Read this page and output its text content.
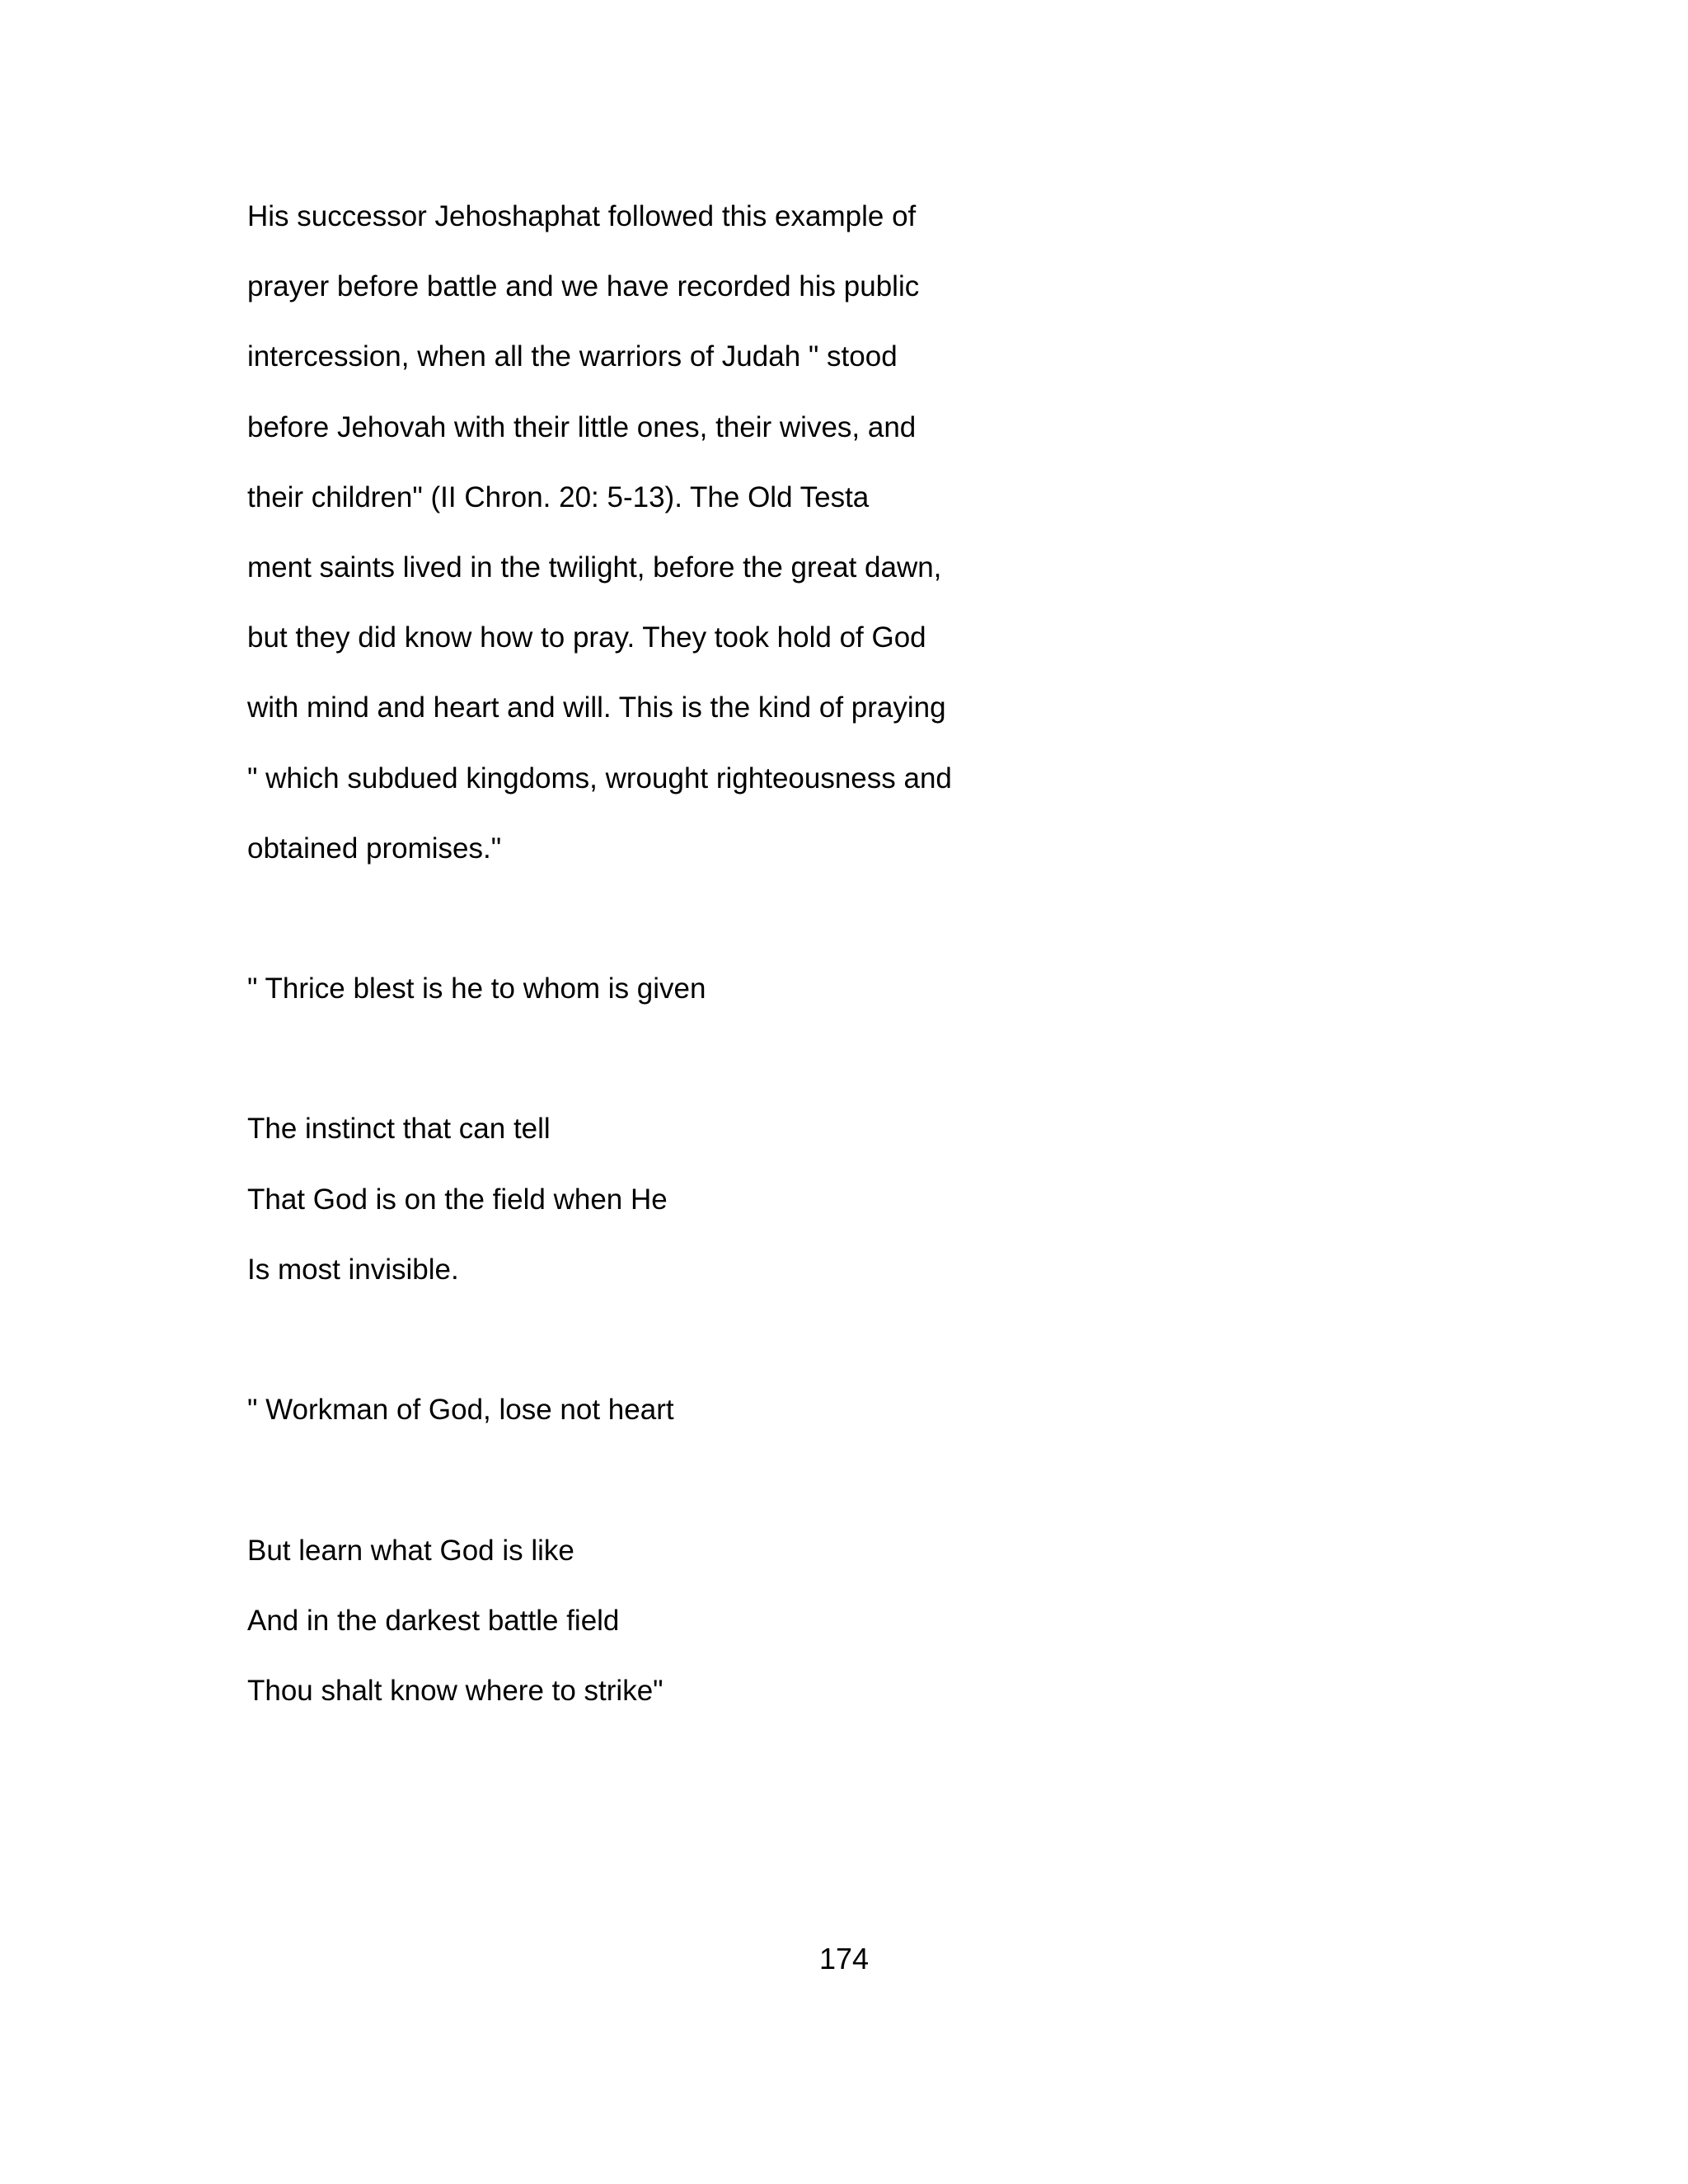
His successor Jehoshaphat followed this example of
prayer before battle and we have recorded his public
intercession, when all the warriors of Judah " stood
before Jehovah with their little ones, their wives, and
their children" (II Chron. 20: 5-13). The Old Testa
ment saints lived in the twilight, before the great dawn,
but they did know how to pray. They took hold of God
with mind and heart and will. This is the kind of praying
" which subdued kingdoms, wrought righteousness and
obtained promises."
" Thrice blest is he to whom is given
The instinct that can tell
That God is on the field when He
Is most invisible.
" Workman of God, lose not heart
But learn what God is like
And in the darkest battle field
Thou shalt know where to strike"
174
